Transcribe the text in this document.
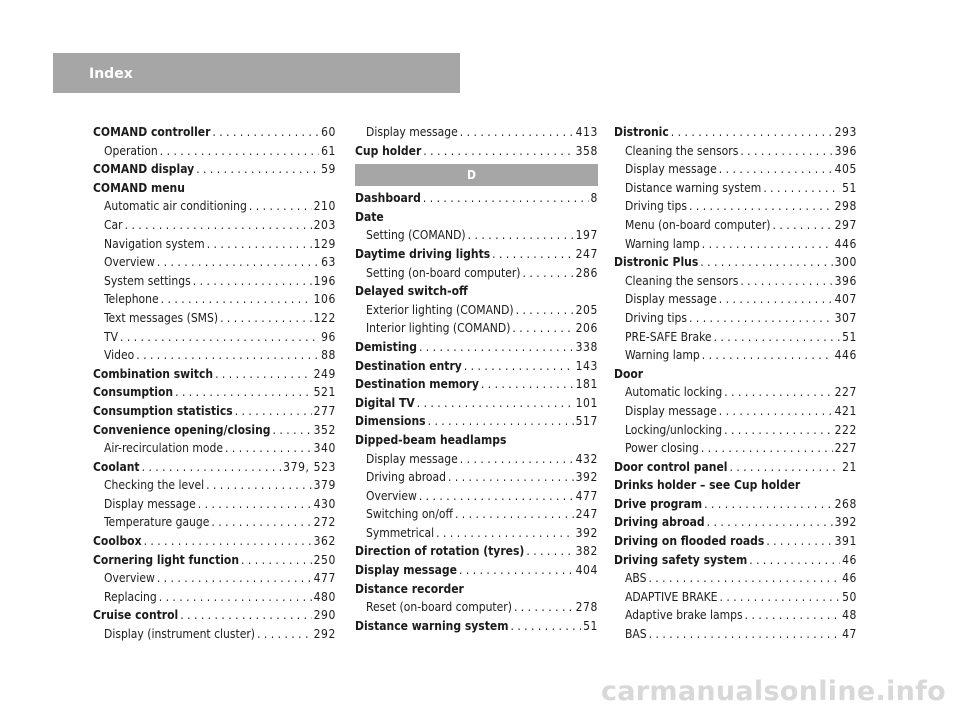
Index
COMAND controller . . .	60
Operation . . .	61
COMAND display . . .	59
COMAND menu
Automatic air conditioning . . .	210
Car . . .	203
Navigation system . . .	129
Overview . . .	63
System settings . . .	196
Telephone . . .	106
Text messages (SMS) . . .	122
TV . . .	96
Video . . .	88
Combination switch . . .	249
Consumption . . .	521
Consumption statistics . . .	277
Convenience opening/closing . . .	352
Air-recirculation mode . . .	340
Coolant . . .	379, 523
Checking the level . . .	379
Display message . . .	430
Temperature gauge . . .	272
Coolbox . . .	362
Cornering light function . . .	250
Overview . . .	477
Replacing . . .	480
Cruise control . . .	290
Display (instrument cluster) . . .	292
Display message . . .	413
Cup holder . . .	358
D
Dashboard . . .	8
Date
Setting (COMAND) . . .	197
Daytime driving lights . . .	247
Setting (on-board computer) . . .	286
Delayed switch-off
Exterior lighting (COMAND) . . .	205
Interior lighting (COMAND) . . .	206
Demisting . . .	338
Destination entry . . .	143
Destination memory . . .	181
Digital TV . . .	101
Dimensions . . .	517
Dipped-beam headlamps
Display message . . .	432
Driving abroad . . .	392
Overview . . .	477
Switching on/off . . .	247
Symmetrical . . .	392
Direction of rotation (tyres) . . .	382
Display message . . .	404
Distance recorder
Reset (on-board computer) . . .	278
Distance warning system . . .	51
Distronic . . .	293
Cleaning the sensors . . .	396
Display message . . .	405
Distance warning system . . .	51
Driving tips . . .	298
Menu (on-board computer) . . .	297
Warning lamp . . .	446
Distronic Plus . . .	300
Cleaning the sensors . . .	396
Display message . . .	407
Driving tips . . .	307
PRE-SAFE Brake . . .	51
Warning lamp . . .	446
Door
Automatic locking . . .	227
Display message . . .	421
Locking/unlocking . . .	222
Power closing . . .	227
Door control panel . . .	21
Drinks holder – see Cup holder
Drive program . . .	268
Driving abroad . . .	392
Driving on flooded roads . . .	391
Driving safety system . . .	46
ABS . . .	46
ADAPTIVE BRAKE . . .	50
Adaptive brake lamps . . .	48
BAS . . .	47
carmanualsonline.info
